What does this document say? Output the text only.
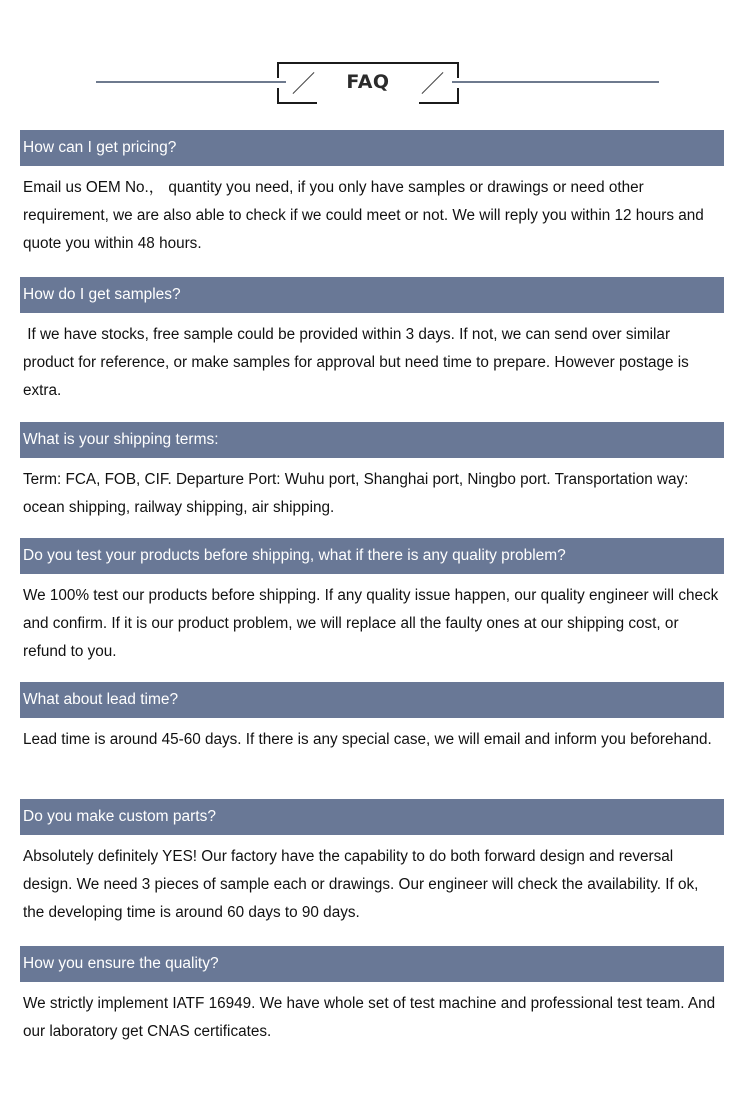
FAQ
How can I get pricing?
Email us OEM No.， quantity you need, if you only have samples or drawings or need other requirement, we are also able to check if we could meet or not. We will reply you within 12 hours and quote you within 48 hours.
How do I get samples?
If we have stocks, free sample could be provided within 3 days. If not, we can send over similar product for reference, or make samples for approval but need time to prepare. However postage is extra.
What is your shipping terms:
Term: FCA, FOB, CIF. Departure Port: Wuhu port, Shanghai port, Ningbo port. Transportation way: ocean shipping, railway shipping, air shipping.
Do you test your products before shipping, what if there is any quality problem?
We 100% test our products before shipping. If any quality issue happen, our quality engineer will check and confirm. If it is our product problem, we will replace all the faulty ones at our shipping cost, or refund to you.
What about lead time?
Lead time is around 45-60 days. If there is any special case, we will email and inform you beforehand.
Do you make custom parts?
Absolutely definitely YES! Our factory have the capability to do both forward design and reversal design. We need 3 pieces of sample each or drawings. Our engineer will check the availability. If ok, the developing time is around 60 days to 90 days.
How you ensure the quality?
We strictly implement IATF 16949. We have whole set of test machine and professional test team. And our laboratory get CNAS certificates.
